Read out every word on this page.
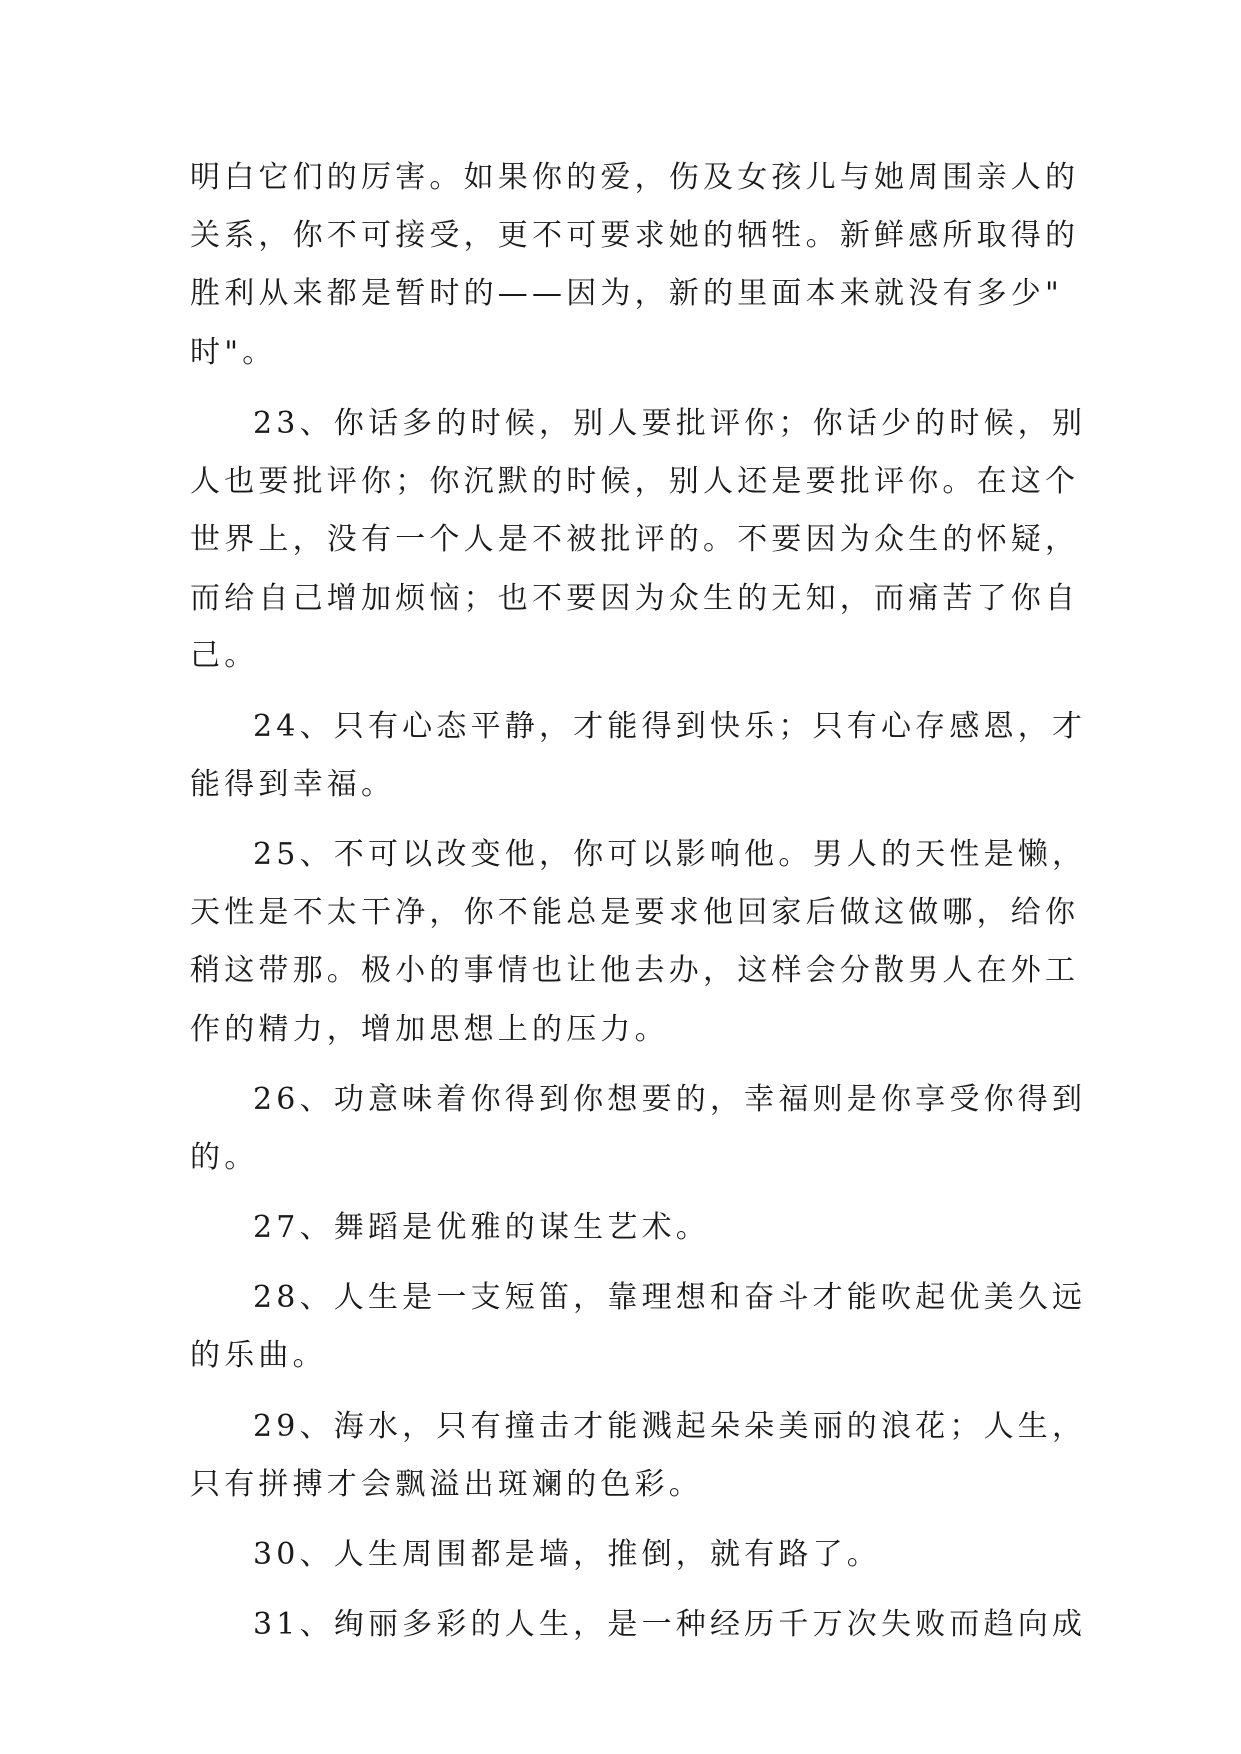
明白它们的厉害。如果你的爱，伤及女孩儿与她周围亲人的
关系，你不可接受，更不可要求她的牺牲。新鲜感所取得的
胜利从来都是暂时的——因为，新的里面本来就没有多少"
时"。
23、你话多的时候，别人要批评你；你话少的时候，别
人也要批评你；你沉默的时候，别人还是要批评你。在这个
世界上，没有一个人是不被批评的。不要因为众生的怀疑，
而给自己增加烦恼；也不要因为众生的无知，而痛苦了你自
己。
24、只有心态平静，才能得到快乐；只有心存感恩，才
能得到幸福。
25、不可以改变他，你可以影响他。男人的天性是懒，
天性是不太干净，你不能总是要求他回家后做这做哪，给你
稍这带那。极小的事情也让他去办，这样会分散男人在外工
作的精力，增加思想上的压力。
26、功意味着你得到你想要的，幸福则是你享受你得到
的。
27、舞蹈是优雅的谋生艺术。
28、人生是一支短笛，靠理想和奋斗才能吹起优美久远
的乐曲。
29、海水，只有撞击才能溅起朵朵美丽的浪花；人生，
只有拼搏才会飘溢出斑斓的色彩。
30、人生周围都是墙，推倒，就有路了。
31、绚丽多彩的人生，是一种经历千万次失败而趋向成
